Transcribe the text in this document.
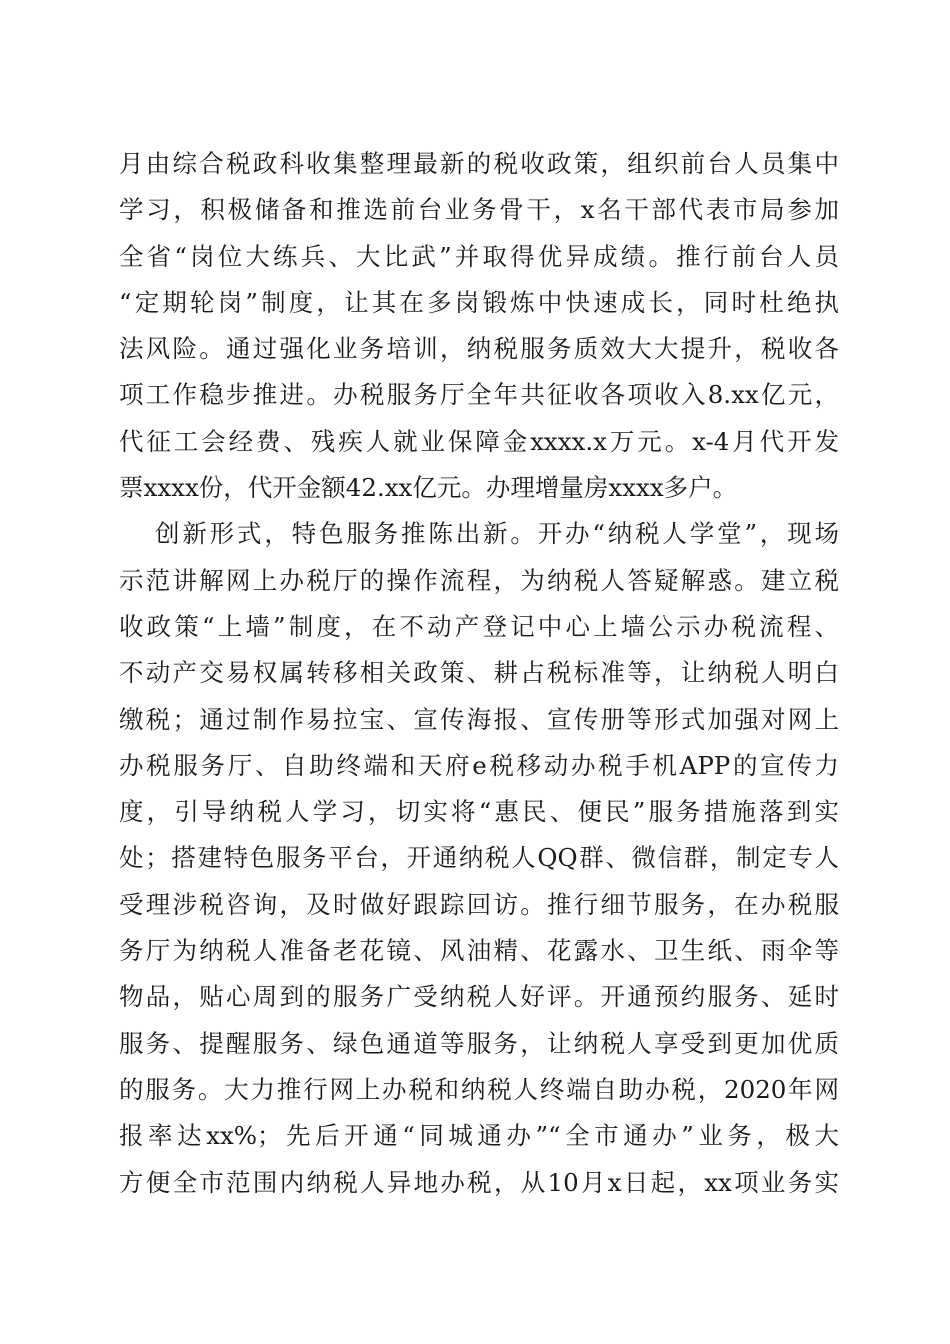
月由综合税政科收集整理最新的税收政策，组织前台人员集中
学习，积极储备和推选前台业务骨干，x名干部代表市局参加
全省“岗位大练兵、大比武”并取得优异成绩。推行前台人员
“定期轮岗”制度，让其在多岗锻炼中快速成长，同时杜绝执
法风险。通过强化业务培训，纳税服务质效大大提升，税收各
项工作稳步推进。办税服务厅全年共征收各项收入8.xx亿元，
代征工会经费、残疾人就业保障金xxxx.x万元。x-4月代开发
票xxxx份，代开金额42.xx亿元。办理增量房xxxx多户。
创新形式，特色服务推陈出新。开办“纳税人学堂”，现场
示范讲解网上办税厅的操作流程，为纳税人答疑解惑。建立税
收政策“上墙”制度，在不动产登记中心上墙公示办税流程、
不动产交易权属转移相关政策、耕占税标准等，让纳税人明白
缴税；通过制作易拉宝、宣传海报、宣传册等形式加强对网上
办税服务厅、自助终端和天府e税移动办税手机APP的宣传力
度，引导纳税人学习，切实将“惠民、便民”服务措施落到实
处；搭建特色服务平台，开通纳税人QQ群、微信群，制定专人
受理涉税咨询，及时做好跟踪回访。推行细节服务，在办税服
务厅为纳税人准备老花镜、风油精、花露水、卫生纸、雨伞等
物品，贴心周到的服务广受纳税人好评。开通预约服务、延时
服务、提醒服务、绿色通道等服务，让纳税人享受到更加优质
的服务。大力推行网上办税和纳税人终端自助办税，2020年网
报率达xx%；先后开通“同城通办”“全市通办”业务，极大
方便全市范围内纳税人异地办税，从10月x日起，xx项业务实
